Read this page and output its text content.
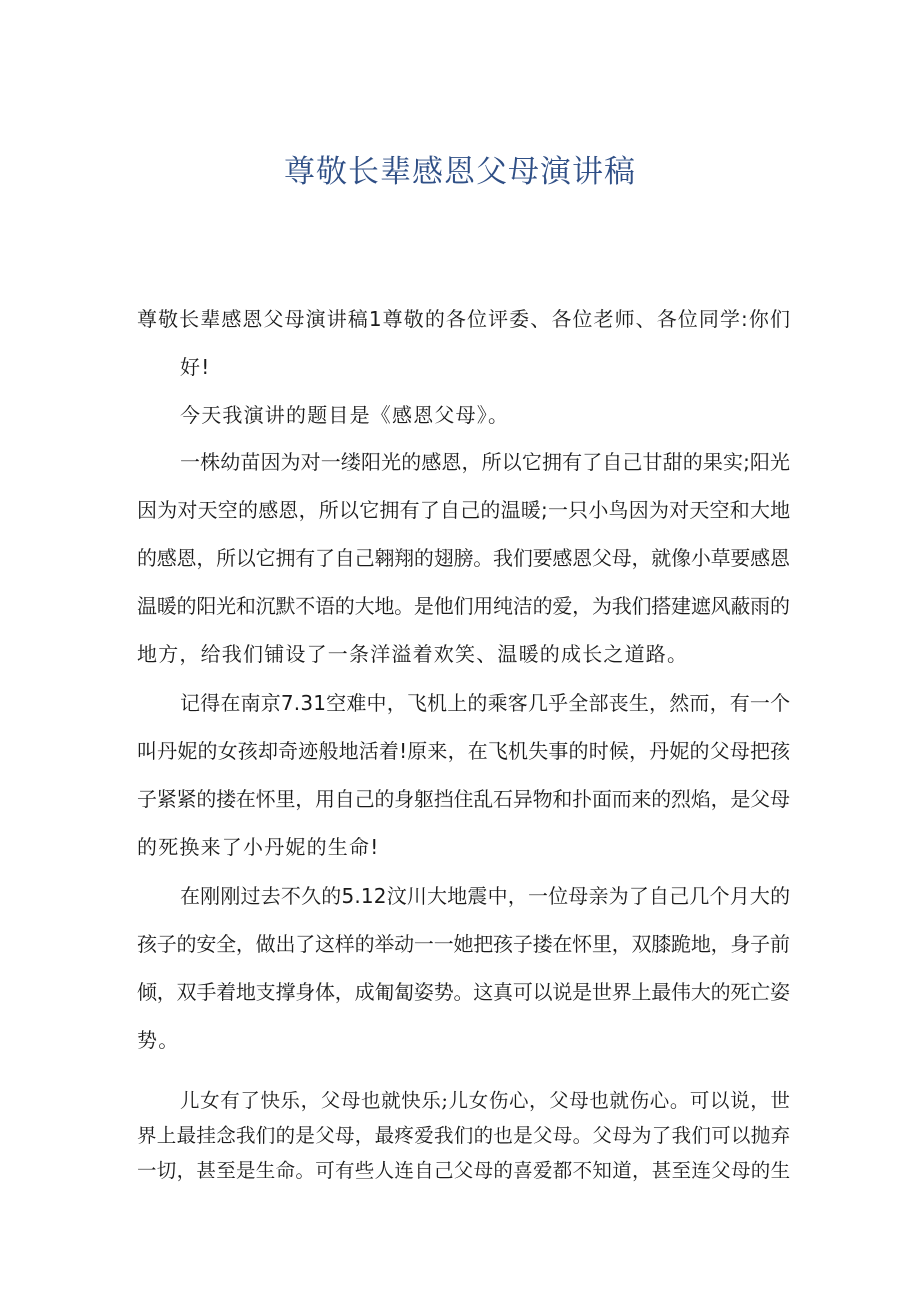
尊敬长辈感恩父母演讲稿
尊敬长辈感恩父母演讲稿1尊敬的各位评委、各位老师、各位同学:你们
好!
今天我演讲的题目是《感恩父母》。
一株幼苗因为对一缕阳光的感恩，所以它拥有了自己甘甜的果实;阳光
因为对天空的感恩，所以它拥有了自己的温暖;一只小鸟因为对天空和大地
的感恩，所以它拥有了自己翱翔的翅膀。我们要感恩父母，就像小草要感恩
温暖的阳光和沉默不语的大地。是他们用纯洁的爱，为我们搭建遮风蔽雨的
地方，给我们铺设了一条洋溢着欢笑、温暖的成长之道路。
记得在南京7.31空难中，飞机上的乘客几乎全部丧生，然而，有一个
叫丹妮的女孩却奇迹般地活着!原来，在飞机失事的时候，丹妮的父母把孩
子紧紧的搂在怀里，用自己的身躯挡住乱石异物和扑面而来的烈焰，是父母
的死换来了小丹妮的生命!
在刚刚过去不久的5.12汶川大地震中，一位母亲为了自己几个月大的
孩子的安全，做出了这样的举动一一她把孩子搂在怀里，双膝跪地，身子前
倾，双手着地支撑身体，成匍匐姿势。这真可以说是世界上最伟大的死亡姿
势。
儿女有了快乐，父母也就快乐;儿女伤心，父母也就伤心。可以说，世
界上最挂念我们的是父母，最疼爱我们的也是父母。父母为了我们可以抛弃
一切，甚至是生命。可有些人连自己父母的喜爱都不知道，甚至连父母的生
